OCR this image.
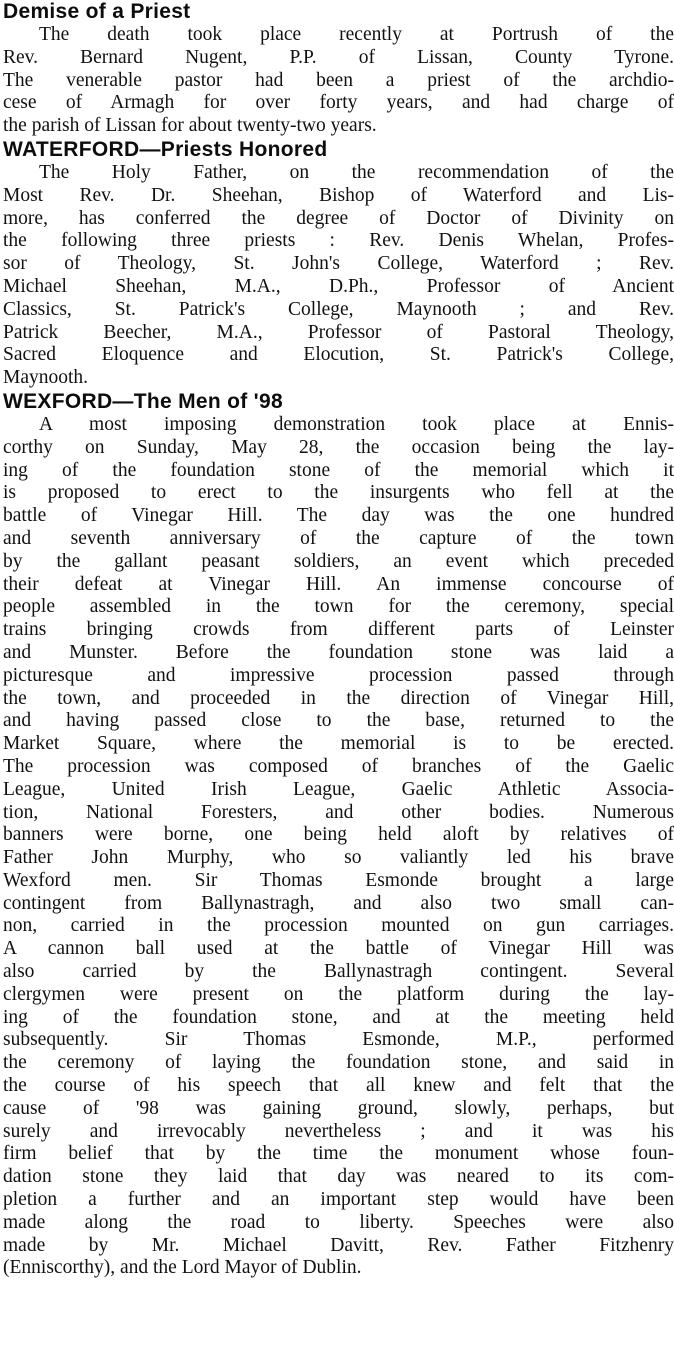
Demise of a Priest
The death took place recently at Portrush of the
Rev. Bernard Nugent, P.P. of Lissan, County Tyrone.
The venerable pastor had been a priest of the archdio-
cese of Armagh for over forty years, and had charge of
the parish of Lissan for about twenty-two years.
WATERFORD—Priests Honored
The Holy Father, on the recommendation of the
Most Rev. Dr. Sheehan, Bishop of Waterford and Lis-
more, has conferred the degree of Doctor of Divinity on
the following three priests : Rev. Denis Whelan, Profes-
sor of Theology, St. John's College, Waterford ; Rev.
Michael Sheehan, M.A., D.Ph., Professor of Ancient
Classics, St. Patrick's College, Maynooth ; and Rev.
Patrick Beecher, M.A., Professor of Pastoral Theology,
Sacred Eloquence and Elocution, St. Patrick's College,
Maynooth.
WEXFORD—The Men of '98
A most imposing demonstration took place at Ennis-
corthy on Sunday, May 28, the occasion being the lay-
ing of the foundation stone of the memorial which it
is proposed to erect to the insurgents who fell at the
battle of Vinegar Hill. The day was the one hundred
and seventh anniversary of the capture of the town
by the gallant peasant soldiers, an event which preceded
their defeat at Vinegar Hill. An immense concourse of
people assembled in the town for the ceremony, special
trains bringing crowds from different parts of Leinster
and Munster. Before the foundation stone was laid a
picturesque and impressive procession passed through
the town, and proceeded in the direction of Vinegar Hill,
and having passed close to the base, returned to the
Market Square, where the memorial is to be erected.
The procession was composed of branches of the Gaelic
League, United Irish League, Gaelic Athletic Associa-
tion, National Foresters, and other bodies. Numerous
banners were borne, one being held aloft by relatives of
Father John Murphy, who so valiantly led his brave
Wexford men. Sir Thomas Esmonde brought a large
contingent from Ballynastragh, and also two small can-
non, carried in the procession mounted on gun carriages.
A cannon ball used at the battle of Vinegar Hill was
also carried by the Ballynastragh contingent. Several
clergymen were present on the platform during the lay-
ing of the foundation stone, and at the meeting held
subsequently. Sir Thomas Esmonde, M.P., performed
the ceremony of laying the foundation stone, and said in
the course of his speech that all knew and felt that the
cause of '98 was gaining ground, slowly, perhaps, but
surely and irrevocably nevertheless ; and it was his
firm belief that by the time the monument whose foun-
dation stone they laid that day was neared to its com-
pletion a further and an important step would have been
made along the road to liberty. Speeches were also
made by Mr. Michael Davitt, Rev. Father Fitzhenry
(Enniscorthy), and the Lord Mayor of Dublin.
